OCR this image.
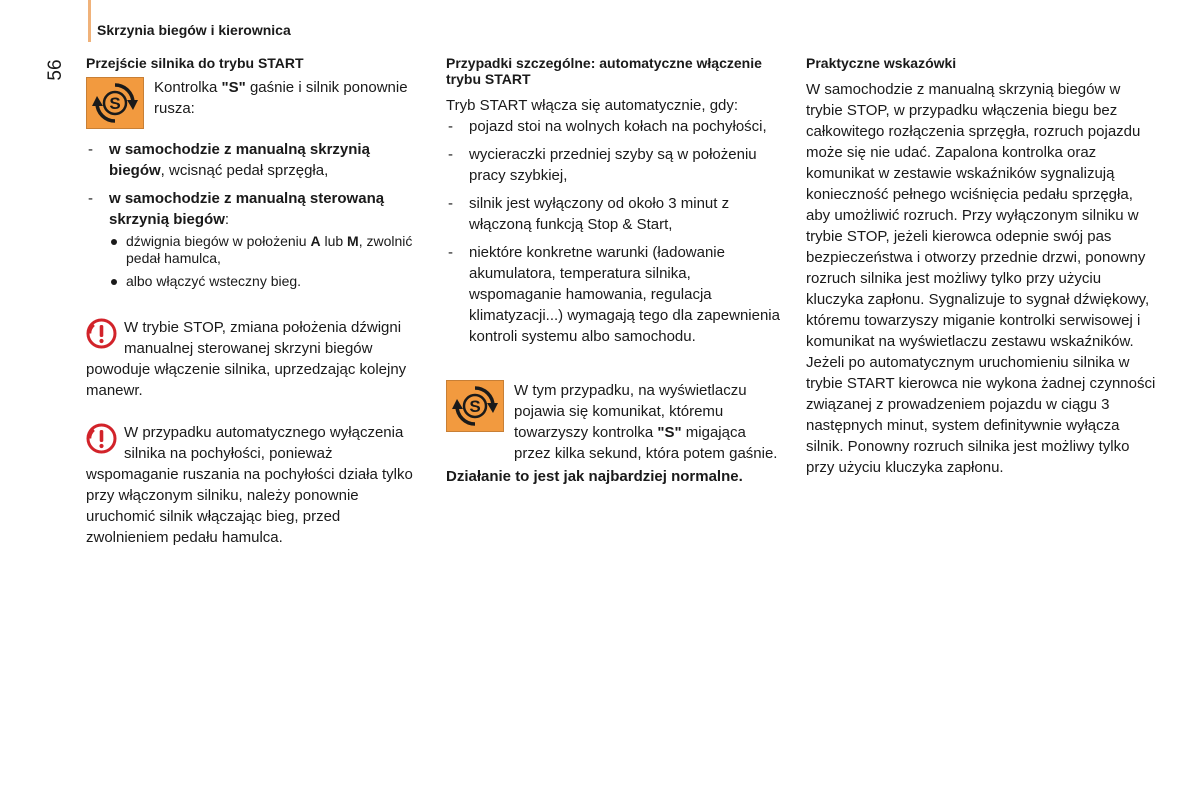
Skrzynia biegów i kierownica
56 Przejście silnika do trybu START
S

Kontrolka "S" gaśnie i silnik ponownie rusza:

- w samochodzie z manualną skrzynią biegów, wcisnąć pedał sprzęgła,
- w samochodzie z manualną sterowaną skrzynią biegów:
dźwignia biegów w położeniu A lub M, zwolnić pedał hamulca,
albo włączyć wsteczny bieg.

W trybie STOP, zmiana położenia dźwigni manualnej sterowanej skrzyni biegów powoduje włączenie silnika, uprzedzając kolejny manewr.

W przypadku automatycznego wyłączenia silnika na pochyłości, ponieważ wspomaganie ruszania na pochyłości działa tylko przy włączonym silniku, należy ponownie uruchomić silnik włączając bieg, przed zwolnieniem pedału hamulca.

Przypadki szczególne: automatyczne włączenie trybu START

Tryb START włącza się automatycznie, gdy:

- pojazd stoi na wolnych kołach na pochyłości,
- wycieraczki przedniej szyby są w położeniu pracy szybkiej,
- silnik jest wyłączony od około 3 minut z włączoną funkcją Stop & Start,
- niektóre konkretne warunki (ładowanie akumulatora, temperatura silnika, wspomaganie hamowania, regulacja klimatyzacji...) wymagają tego dla zapewnienia kontroli systemu albo samochodu.
S

W tym przypadku, na wyświetlaczu pojawia się komunikat, któremu towarzyszy kontrolka "S" migająca przez kilka sekund, która potem gaśnie.

Działanie to jest jak najbardziej normalne.

Praktyczne wskazówki

W samochodzie z manualną skrzynią biegów w trybie STOP, w przypadku włączenia biegu bez całkowitego rozłączenia sprzęgła, rozruch pojazdu może się nie udać. Zapalona kontrolka oraz komunikat w zestawie wskaźników sygnalizują konieczność pełnego wciśnięcia pedału sprzęgła, aby umożliwić rozruch. Przy wyłączonym silniku w trybie STOP, jeżeli kierowca odepnie swój pas bezpieczeństwa i otworzy przednie drzwi, ponowny rozruch silnika jest możliwy tylko przy użyciu kluczyka zapłonu. Sygnalizuje to sygnał dźwiękowy, któremu towarzyszy miganie kontrolki serwisowej i komunikat na wyświetlaczu zestawu wskaźników. Jeżeli po automatycznym uruchomieniu silnika w trybie START kierowca nie wykona żadnej czynności związanej z prowadzeniem pojazdu w ciągu 3 następnych minut, system definitywnie wyłącza silnik. Ponowny rozruch silnika jest możliwy tylko przy użyciu kluczyka zapłonu.
